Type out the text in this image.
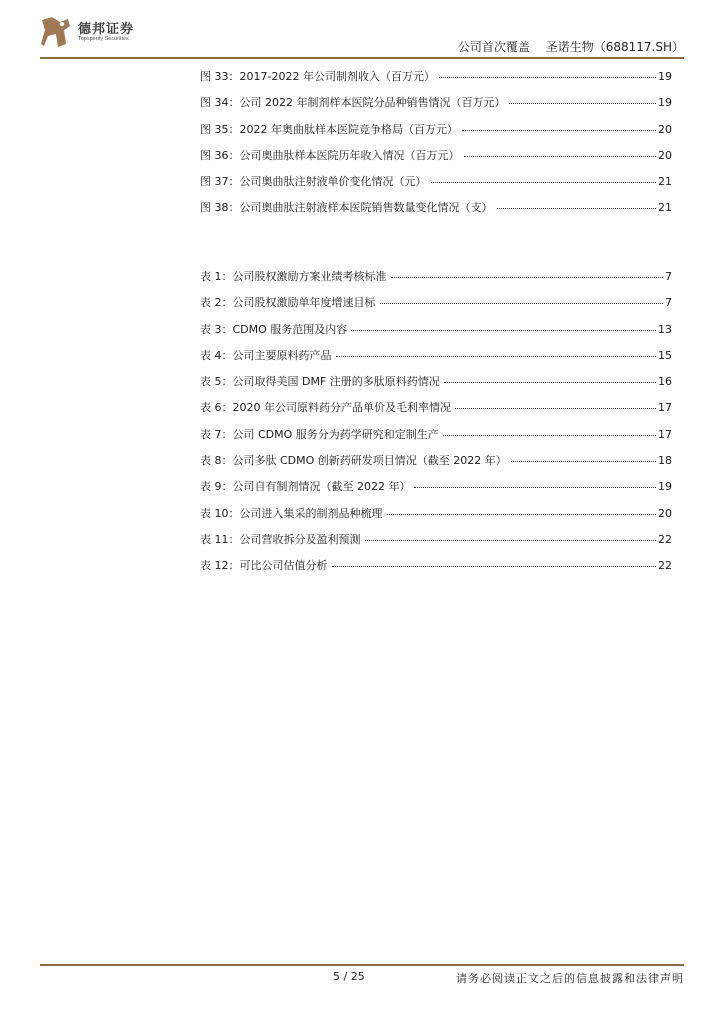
德邦证券
Topsperity Securities
公司首次覆盖 圣诺生物（688117.SH）
图 33：2017-2022 年公司制剂收入（百万元）	19
图 34：公司 2022 年制剂样本医院分品种销售情况（百万元）	19
图 35：2022 年奥曲肽样本医院竞争格局（百万元）	20
图 36：公司奥曲肽样本医院历年收入情况（百万元）	20
图 37：公司奥曲肽注射液单价变化情况（元）	21
图 38：公司奥曲肽注射液样本医院销售数量变化情况（支）	21
表 1：公司股权激励方案业绩考核标准	7
表 2：公司股权激励单年度增速目标	7
表 3：CDMO 服务范围及内容	13
表 4：公司主要原料药产品	15
表 5：公司取得美国 DMF 注册的多肽原料药情况	16
表 6：2020 年公司原料药分产品单价及毛利率情况	17
表 7：公司 CDMO 服务分为药学研究和定制生产	17
表 8：公司多肽 CDMO 创新药研发项目情况（截至 2022 年）	18
表 9：公司自有制剂情况（截至 2022 年）	19
表 10：公司进入集采的制剂品种梳理	20
表 11：公司营收拆分及盈利预测	22
表 12：可比公司估值分析	22
5 / 25	请务必阅读正文之后的信息披露和法律声明
